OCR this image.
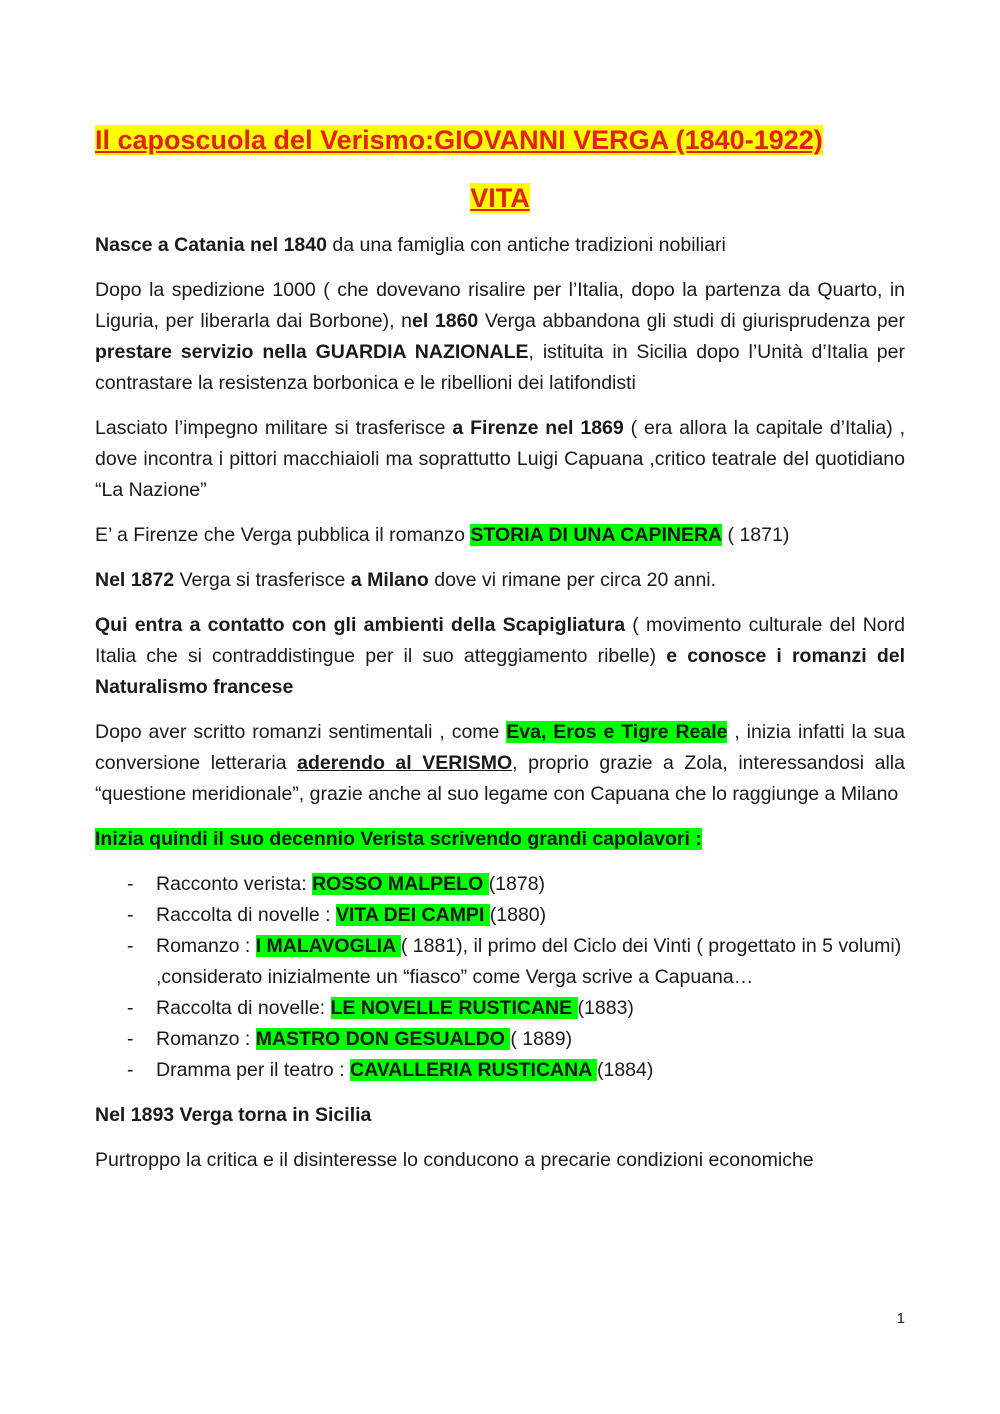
Il caposcuola del Verismo:GIOVANNI VERGA (1840-1922)
VITA

Nasce a Catania nel 1840 da una famiglia con antiche tradizioni nobiliari

Dopo la spedizione 1000 ( che dovevano risalire per l’Italia, dopo la partenza da Quarto, in Liguria, per liberarla dai Borbone), nel 1860 Verga abbandona gli studi di giurisprudenza per prestare servizio nella GUARDIA NAZIONALE, istituita in Sicilia dopo l’Unità d’Italia per contrastare la resistenza borbonica e le ribellioni dei latifondisti

Lasciato l’impegno militare si trasferisce a Firenze nel 1869 ( era allora la capitale d’Italia) , dove incontra i pittori macchiaioli ma soprattutto Luigi Capuana ,critico teatrale del quotidiano “La Nazione”

E’ a Firenze che Verga pubblica il romanzo STORIA DI UNA CAPINERA ( 1871)

Nel 1872 Verga si trasferisce a Milano dove vi rimane per circa 20 anni.

Qui entra a contatto con gli ambienti della Scapigliatura ( movimento culturale del Nord Italia che si contraddistingue per il suo atteggiamento ribelle) e conosce i romanzi del Naturalismo francese

Dopo aver scritto romanzi sentimentali , come Eva, Eros e Tigre Reale , inizia infatti la sua conversione letteraria aderendo al VERISMO, proprio grazie a Zola, interessandosi alla “questione meridionale”, grazie anche al suo legame con Capuana che lo raggiunge a Milano

Inizia quindi il suo decennio Verista scrivendo grandi capolavori :

- Racconto verista: ROSSO MALPELO (1878)
- Raccolta di novelle : VITA DEI CAMPI (1880)
- Romanzo : I MALAVOGLIA ( 1881), il primo del Ciclo dei Vinti ( progettato in 5 volumi) ,considerato inizialmente un “fiasco” come Verga scrive a Capuana…
- Raccolta di novelle: LE NOVELLE RUSTICANE (1883)
- Romanzo : MASTRO DON GESUALDO ( 1889)
- Dramma per il teatro : CAVALLERIA RUSTICANA (1884)

Nel 1893 Verga torna in Sicilia

Purtroppo la critica e il disinteresse lo conducono a precarie condizioni economiche

1
